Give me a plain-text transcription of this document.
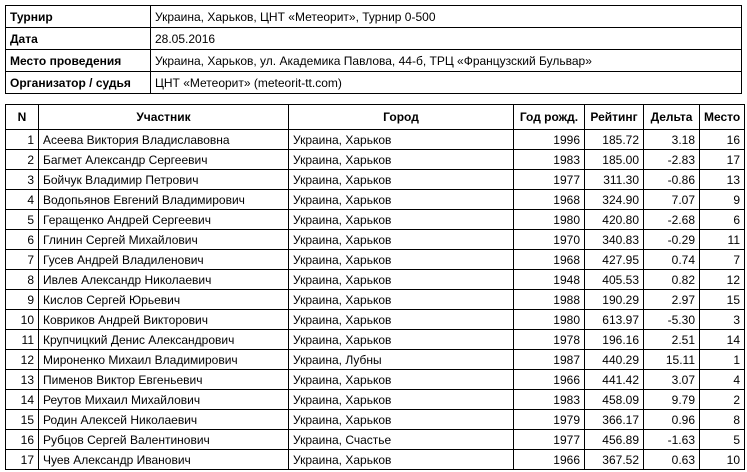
Турнир	Украина, Харьков, ЦНТ «Метеорит», Турнир 0-500
Дата	28.05.2016
Место проведения	Украина, Харьков, ул. Академика Павлова, 44-б, ТРЦ «Французский Бульвар»
Организатор / судья	ЦНТ «Метеорит» (meteorit-tt.com)
N	Участник	Город	Год рожд.	Рейтинг	Дельта	Место
1	Асеева Виктория Владиславовна	Украина, Харьков	1996	185.72	3.18	16
2	Багмет Александр Сергеевич	Украина, Харьков	1983	185.00	-2.83	17
3	Бойчук Владимир Петрович	Украина, Харьков	1977	311.30	-0.86	13
4	Водопьянов Евгений Владимирович	Украина, Харьков	1968	324.90	7.07	9
5	Геращенко Андрей Сергеевич	Украина, Харьков	1980	420.80	-2.68	6
6	Глинин Сергей Михайлович	Украина, Харьков	1970	340.83	-0.29	11
7	Гусев Андрей Владиленович	Украина, Харьков	1968	427.95	0.74	7
8	Ивлев Александр Николаевич	Украина, Харьков	1948	405.53	0.82	12
9	Кислов Сергей Юрьевич	Украина, Харьков	1988	190.29	2.97	15
10	Ковриков Андрей Викторович	Украина, Харьков	1980	613.97	-5.30	3
11	Крупчицкий Денис Александрович	Украина, Харьков	1978	196.16	2.51	14
12	Мироненко Михаил Владимирович	Украина, Лубны	1987	440.29	15.11	1
13	Пименов Виктор Евгеньевич	Украина, Харьков	1966	441.42	3.07	4
14	Реутов Михаил Михайлович	Украина, Харьков	1983	458.09	9.79	2
15	Родин Алексей Николаевич	Украина, Харьков	1979	366.17	0.96	8
16	Рубцов Сергей Валентинович	Украина, Счастье	1977	456.89	-1.63	5
17	Чуев Александр Иванович	Украина, Харьков	1966	367.52	0.63	10
